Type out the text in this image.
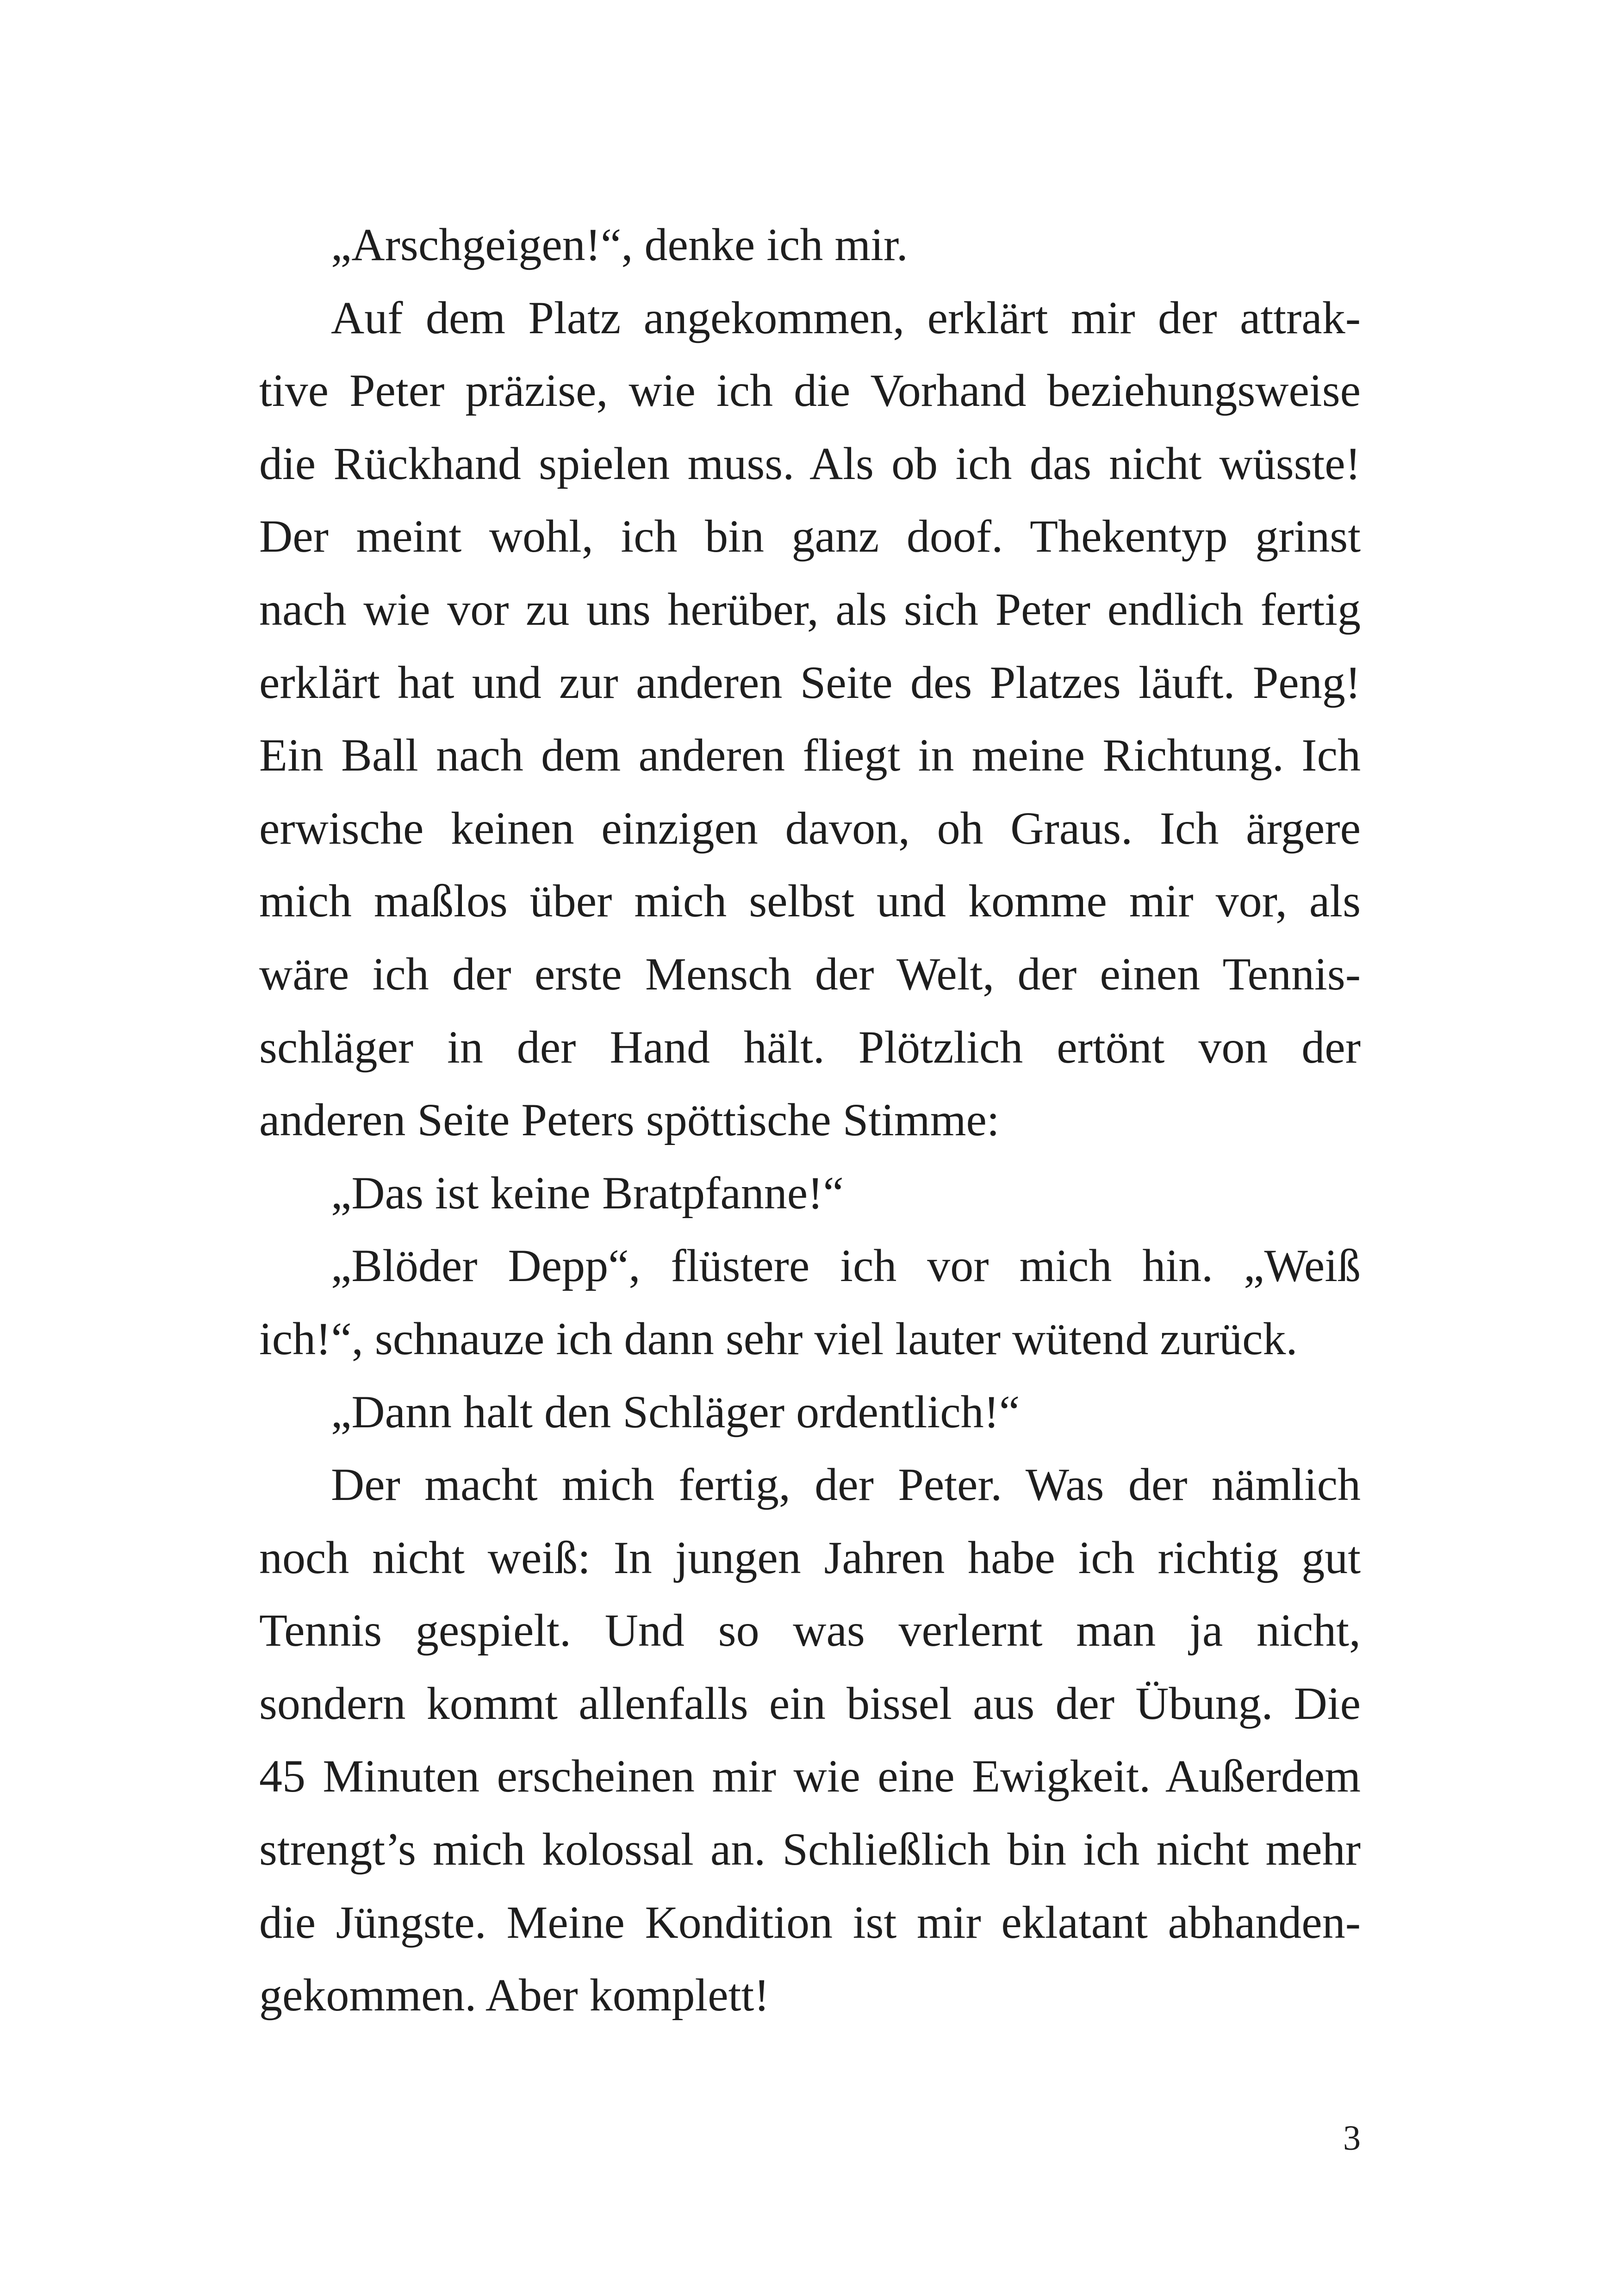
„Arschgeigen!“, denke ich mir.
Auf dem Platz angekommen, erklärt mir der attrak-
tive Peter präzise, wie ich die Vorhand beziehungsweise
die Rückhand spielen muss. Als ob ich das nicht wüsste!
Der meint wohl, ich bin ganz doof. Thekentyp grinst
nach wie vor zu uns herüber, als sich Peter endlich fertig
erklärt hat und zur anderen Seite des Platzes läuft. Peng!
Ein Ball nach dem anderen fliegt in meine Richtung. Ich
erwische keinen einzigen davon, oh Graus. Ich ärgere
mich maßlos über mich selbst und komme mir vor, als
wäre ich der erste Mensch der Welt, der einen Tennis-
schläger in der Hand hält. Plötzlich ertönt von der
anderen Seite Peters spöttische Stimme:
„Das ist keine Bratpfanne!“
„Blöder Depp“, flüstere ich vor mich hin. „Weiß
ich!“, schnauze ich dann sehr viel lauter wütend zurück.
„Dann halt den Schläger ordentlich!“
Der macht mich fertig, der Peter. Was der nämlich
noch nicht weiß: In jungen Jahren habe ich richtig gut
Tennis gespielt. Und so was verlernt man ja nicht,
sondern kommt allenfalls ein bissel aus der Übung. Die
45 Minuten erscheinen mir wie eine Ewigkeit. Außerdem
strengt’s mich kolossal an. Schließlich bin ich nicht mehr
die Jüngste. Meine Kondition ist mir eklatant abhanden-
gekommen. Aber komplett!
3
